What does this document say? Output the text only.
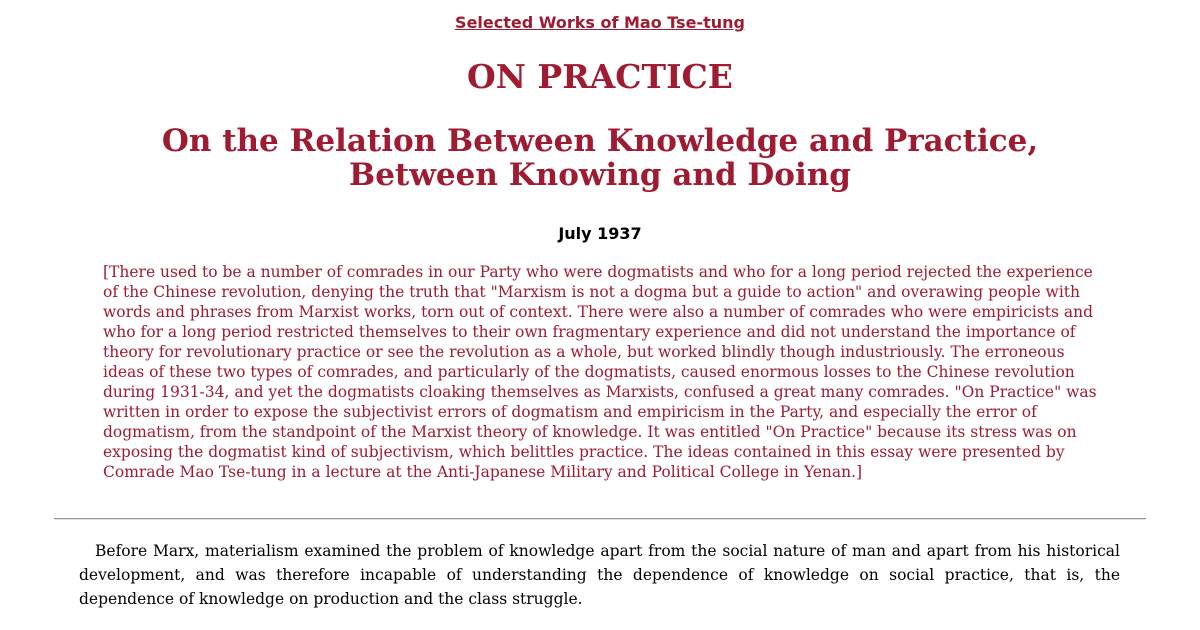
Selected Works of Mao Tse-tung
ON PRACTICE
On the Relation Between Knowledge and Practice, Between Knowing and Doing

July 1937

[There used to be a number of comrades in our Party who were dogmatists and who for a long period rejected the experience of the Chinese revolution, denying the truth that "Marxism is not a dogma but a guide to action" and overawing people with words and phrases from Marxist works, torn out of context. There were also a number of comrades who were empiricists and who for a long period restricted themselves to their own fragmentary experience and did not understand the importance of theory for revolutionary practice or see the revolution as a whole, but worked blindly though industriously. The erroneous ideas of these two types of comrades, and particularly of the dogmatists, caused enormous losses to the Chinese revolution during 1931-34, and yet the dogmatists cloaking themselves as Marxists, confused a great many comrades. "On Practice" was written in order to expose the subjectivist errors of dogmatism and empiricism in the Party, and especially the error of dogmatism, from the standpoint of the Marxist theory of knowledge. It was entitled "On Practice" because its stress was on exposing the dogmatist kind of subjectivism, which belittles practice. The ideas contained in this essay were presented by Comrade Mao Tse-tung in a lecture at the Anti-Japanese Military and Political College in Yenan.]

Before Marx, materialism examined the problem of knowledge apart from the social nature of man and apart from his historical development, and was therefore incapable of understanding the dependence of knowledge on social practice, that is, the dependence of knowledge on production and the class struggle.
